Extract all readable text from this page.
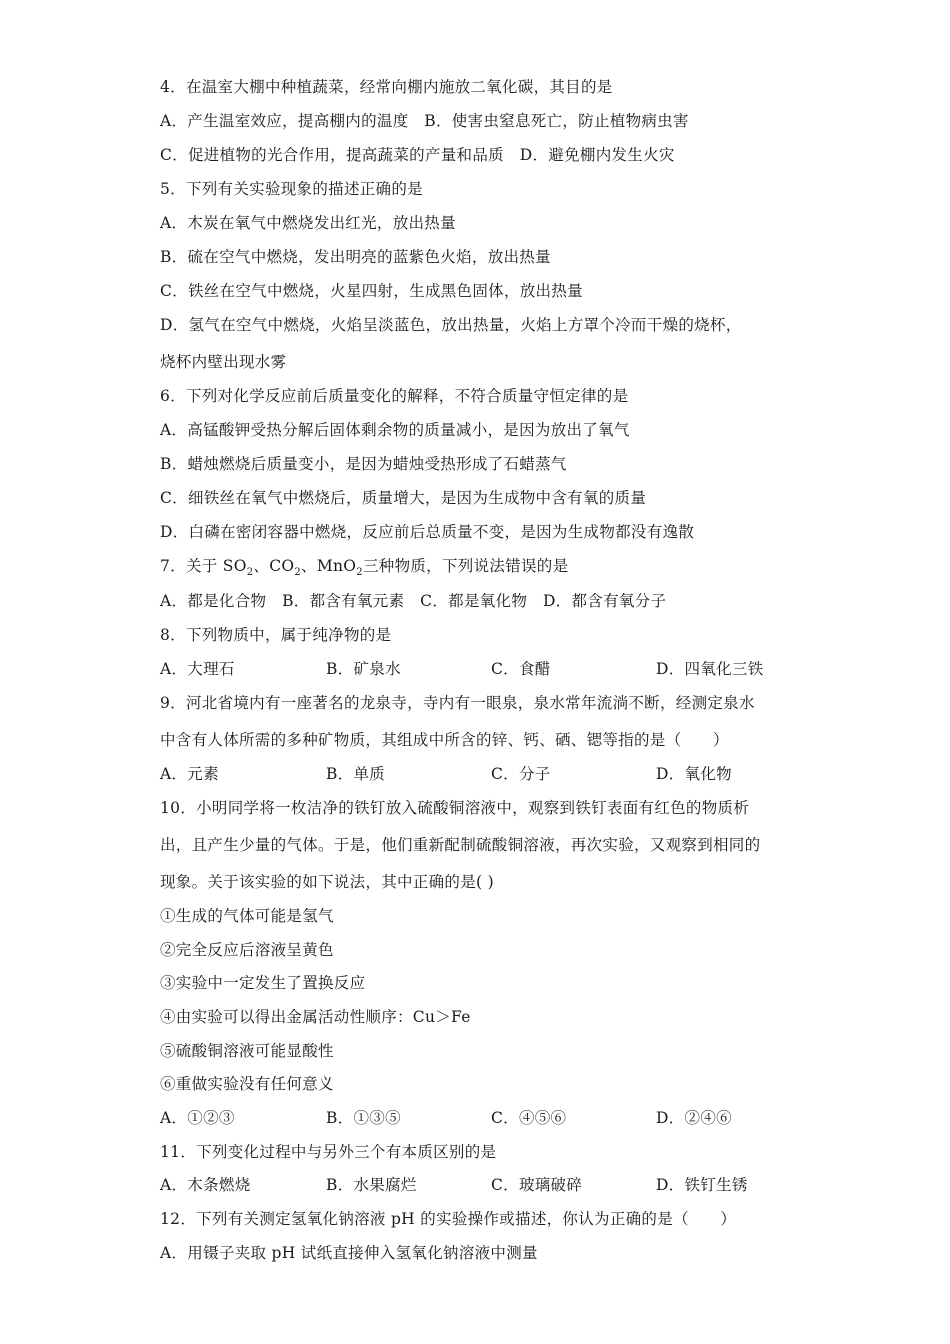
4．在温室大棚中种植蔬菜，经常向棚内施放二氧化碳，其目的是
A．产生温室效应，提高棚内的温度　B．使害虫窒息死亡，防止植物病虫害
C．促进植物的光合作用，提高蔬菜的产量和品质　D．避免棚内发生火灾
5．下列有关实验现象的描述正确的是
A．木炭在氧气中燃烧发出红光，放出热量
B．硫在空气中燃烧，发出明亮的蓝紫色火焰，放出热量
C．铁丝在空气中燃烧，火星四射，生成黑色固体，放出热量
D．氢气在空气中燃烧，火焰呈淡蓝色，放出热量，火焰上方罩个冷而干燥的烧杯，
烧杯内壁出现水雾
6．下列对化学反应前后质量变化的解释，不符合质量守恒定律的是
A．高锰酸钾受热分解后固体剩余物的质量减小，是因为放出了氧气
B．蜡烛燃烧后质量变小，是因为蜡烛受热形成了石蜡蒸气
C．细铁丝在氧气中燃烧后，质量增大，是因为生成物中含有氧的质量
D．白磷在密闭容器中燃烧，反应前后总质量不变，是因为生成物都没有逸散
7．关于 $SO_2$、$CO_2$、MnO$_2$三种物质，下列说法错误的是
A．都是化合物　B．都含有氧元素　C．都是氧化物　D．都含有氧分子
8．下列物质中，属于纯净物的是
A．大理石	B．矿泉水	C．食醋	D．四氧化三铁
9．河北省境内有一座著名的龙泉寺，寺内有一眼泉，泉水常年流淌不断，经测定泉水
中含有人体所需的多种矿物质，其组成中所含的锌、钙、硒、锶等指的是（　　）
A．元素	B．单质	C．分子	D．氧化物
10．小明同学将一枚洁净的铁钉放入硫酸铜溶液中，观察到铁钉表面有红色的物质析
出，且产生少量的气体。于是，他们重新配制硫酸铜溶液，再次实验，又观察到相同的
现象。关于该实验的如下说法，其中正确的是( )
①生成的气体可能是氢气
②完全反应后溶液呈黄色
③实验中一定发生了置换反应
④由实验可以得出金属活动性顺序：Cu＞Fe
⑤硫酸铜溶液可能显酸性
⑥重做实验没有任何意义
A．①②③	B．①③⑤	C．④⑤⑥	D．②④⑥
11．下列变化过程中与另外三个有本质区别的是
A．木条燃烧	B．水果腐烂	C．玻璃破碎	D．铁钉生锈
12．下列有关测定氢氧化钠溶液 pH 的实验操作或描述，你认为正确的是（　　）
A．用镊子夹取 pH 试纸直接伸入氢氧化钠溶液中测量
